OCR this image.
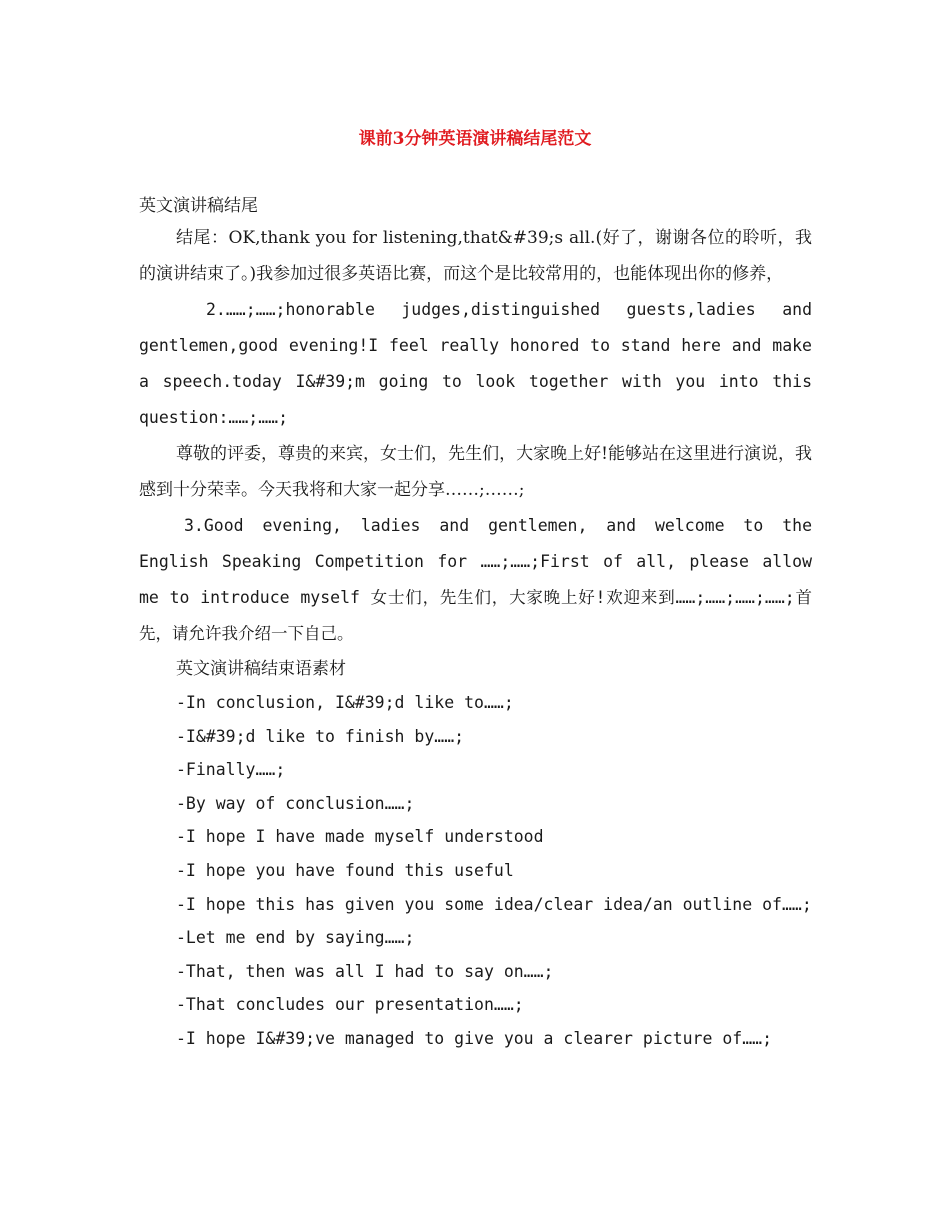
课前3分钟英语演讲稿结尾范文

英文演讲稿结尾

结尾：OK,thank you for listening,that&#39;s all.(好了，谢谢各位的聆听，我的演讲结束了。)我参加过很多英语比赛，而这个是比较常用的，也能体现出你的修养，

2.……;……;honorable judges,distinguished guests,ladies and gentlemen,good evening!I feel really honored to stand here and make a speech.today I&#39;m going to look together with you into this question:……;……;

尊敬的评委，尊贵的来宾，女士们，先生们，大家晚上好!能够站在这里进行演说，我感到十分荣幸。今天我将和大家一起分享……;……;

3.Good evening, ladies and gentlemen, and welcome to the English Speaking Competition for ……;……;First of all, please allow me to introduce myself 女士们，先生们，大家晚上好!欢迎来到……;……;……;……;首先，请允许我介绍一下自己。

英文演讲稿结束语素材

-In conclusion, I&#39;d like to……;
-I&#39;d like to finish by……;
-Finally……;
-By way of conclusion……;
-I hope I have made myself understood
-I hope you have found this useful
-I hope this has given you some idea/clear idea/an outline of……;
-Let me end by saying……;
-That, then was all I had to say on……;
-That concludes our presentation……;
-I hope I&#39;ve managed to give you a clearer picture of……;
